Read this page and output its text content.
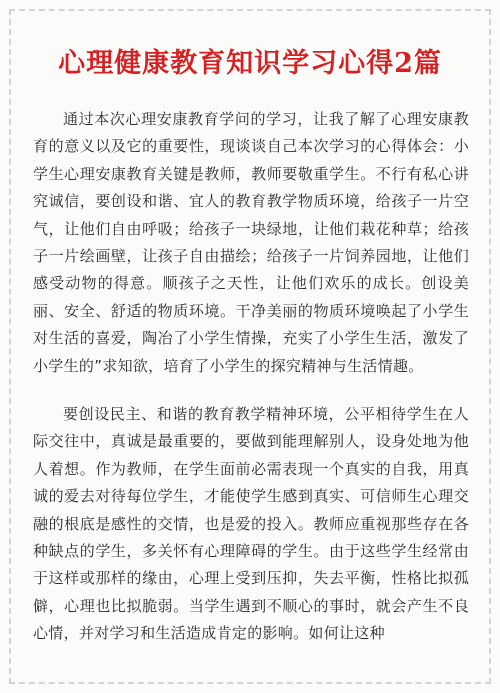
心理健康教育知识学习心得2篇

通过本次心理安康教育学问的学习，让我了解了心理安康教育的意义以及它的重要性，现谈谈自己本次学习的心得体会：小学生心理安康教育关键是教师，教师要敬重学生。不行有私心讲究诚信，要创设和谐、宜人的教育教学物质环境，给孩子一片空气，让他们自由呼吸；给孩子一块绿地，让他们栽花种草；给孩子一片绘画壁，让孩子自由描绘；给孩子一片饲养园地，让他们感受动物的得意。顺孩子之天性，让他们欢乐的成长。创设美丽、安全、舒适的物质环境。干净美丽的物质环境唤起了小学生对生活的喜爱，陶冶了小学生情操，充实了小学生生活，激发了小学生的”求知欲，培育了小学生的探究精神与生活情趣。

要创设民主、和谐的教育教学精神环境，公平相待学生在人际交往中，真诚是最重要的，要做到能理解别人，设身处地为他人着想。作为教师，在学生面前必需表现一个真实的自我，用真诚的爱去对待每位学生，才能使学生感到真实、可信师生心理交融的根底是感性的交情，也是爱的投入。教师应重视那些存在各种缺点的学生，多关怀有心理障碍的学生。由于这些学生经常由于这样或那样的缘由，心理上受到压抑，失去平衡，性格比拟孤僻，心理也比拟脆弱。当学生遇到不顺心的事时，就会产生不良心情，并对学习和生活造成肯定的影响。如何让这种
